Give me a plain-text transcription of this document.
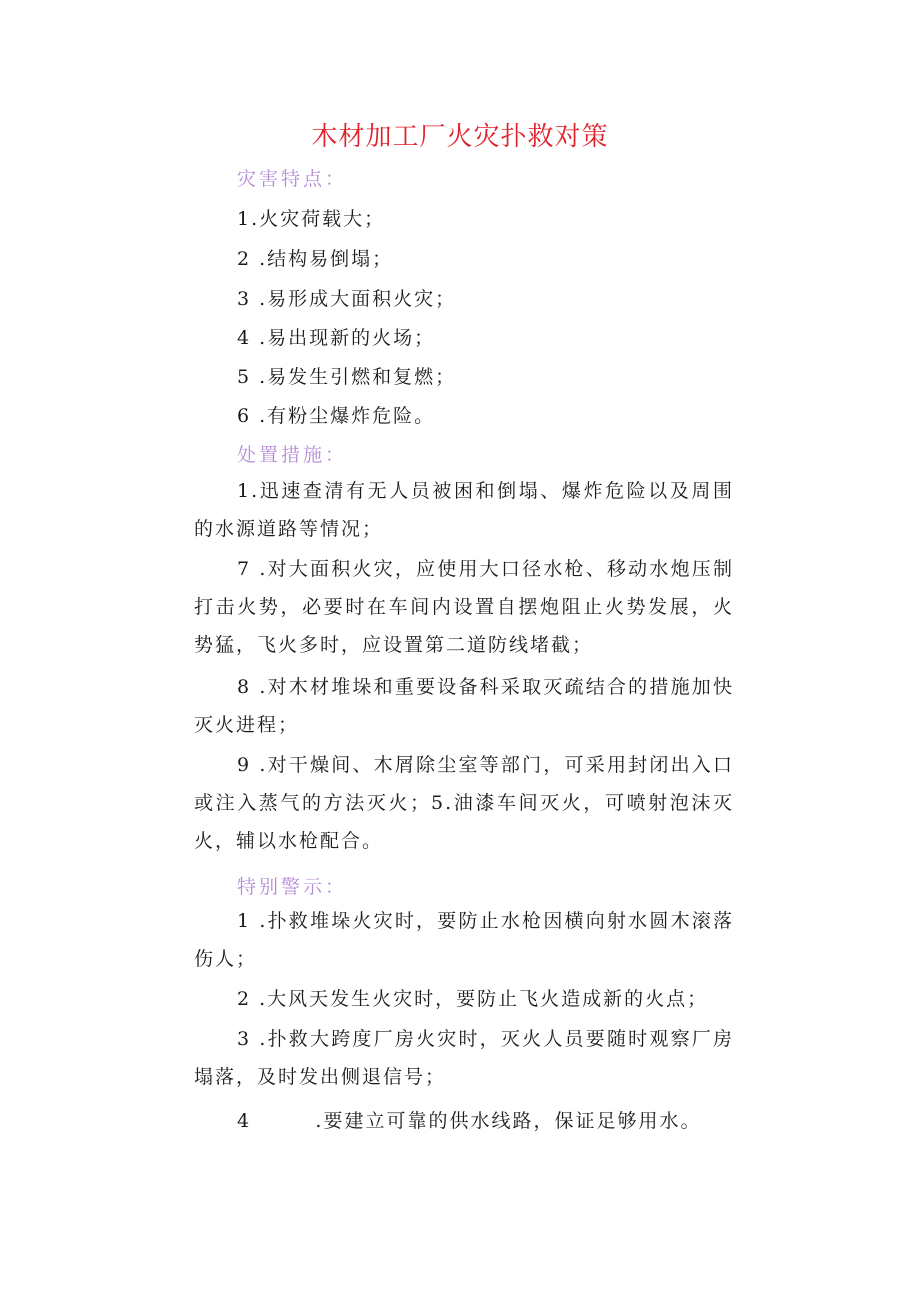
木材加工厂火灾扑救对策
灾害特点：
1.火灾荷载大；
2 .结构易倒塌；
3 .易形成大面积火灾；
4 .易出现新的火场；
5 .易发生引燃和复燃；
6 .有粉尘爆炸危险。
处置措施：
1.迅速查清有无人员被困和倒塌、爆炸危险以及周围的水源道路等情况；
7 .对大面积火灾，应使用大口径水枪、移动水炮压制打击火势，必要时在车间内设置自摆炮阻止火势发展，火势猛，飞火多时，应设置第二道防线堵截；
8 .对木材堆垛和重要设备科采取灭疏结合的措施加快灭火进程；
9 .对干燥间、木屑除尘室等部门，可采用封闭出入口或注入蒸气的方法灭火；5.油漆车间灭火，可喷射泡沫灭火，辅以水枪配合。
特别警示：
1 .扑救堆垛火灾时，要防止水枪因横向射水圆木滚落伤人；
2 .大风天发生火灾时，要防止飞火造成新的火点；
3 .扑救大跨度厂房火灾时，灭火人员要随时观察厂房塌落，及时发出侧退信号；
4        .要建立可靠的供水线路，保证足够用水。
